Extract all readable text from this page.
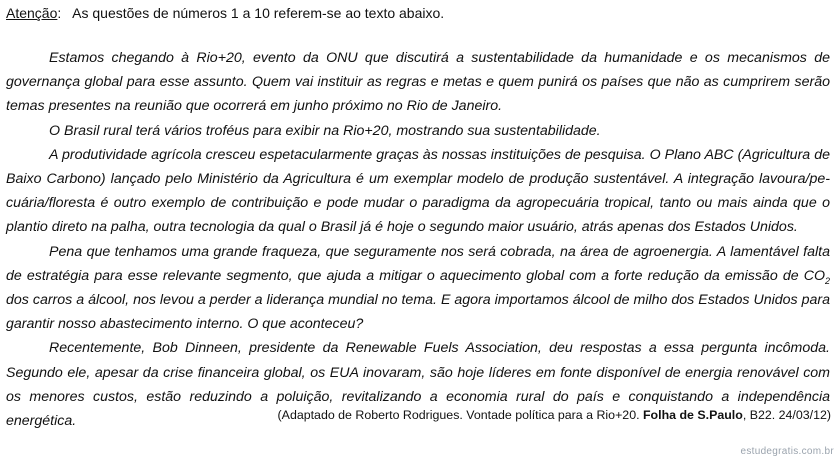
Atenção: As questões de números 1 a 10 referem-se ao texto abaixo.

Estamos chegando à Rio+20, evento da ONU que discutirá a sustentabilidade da humanidade e os mecanismos de governança global para esse assunto. Quem vai instituir as regras e metas e quem punirá os países que não as cumprirem serão temas presentes na reunião que ocorrerá em junho próximo no Rio de Janeiro.

O Brasil rural terá vários troféus para exibir na Rio+20, mostrando sua sustentabilidade.

A produtividade agrícola cresceu espetacularmente graças às nossas instituições de pesquisa. O Plano ABC (Agricultura de Baixo Carbono) lançado pelo Ministério da Agricultura é um exemplar modelo de produção sustentável. A integração lavoura/pe-cuária/floresta é outro exemplo de contribuição e pode mudar o paradigma da agropecuária tropical, tanto ou mais ainda que o plantio direto na palha, outra tecnologia da qual o Brasil já é hoje o segundo maior usuário, atrás apenas dos Estados Unidos.

Pena que tenhamos uma grande fraqueza, que seguramente nos será cobrada, na área de agroenergia. A lamentável falta de estratégia para esse relevante segmento, que ajuda a mitigar o aquecimento global com a forte redução da emissão de $CO_2$ dos carros a álcool, nos levou a perder a liderança mundial no tema. E agora importamos álcool de milho dos Estados Unidos para garantir nosso abastecimento interno. O que aconteceu?

Recentemente, Bob Dinneen, presidente da Renewable Fuels Association, deu respostas a essa pergunta incômoda. Segundo ele, apesar da crise financeira global, os EUA inovaram, são hoje líderes em fonte disponível de energia renovável com os menores custos, estão reduzindo a poluição, revitalizando a economia rural do país e conquistando a independência energética.	(Adaptado de Roberto Rodrigues. Vontade política para a Rio+20. Folha de S.Paulo, B22. 24/03/12)
estudegratis.com.br
